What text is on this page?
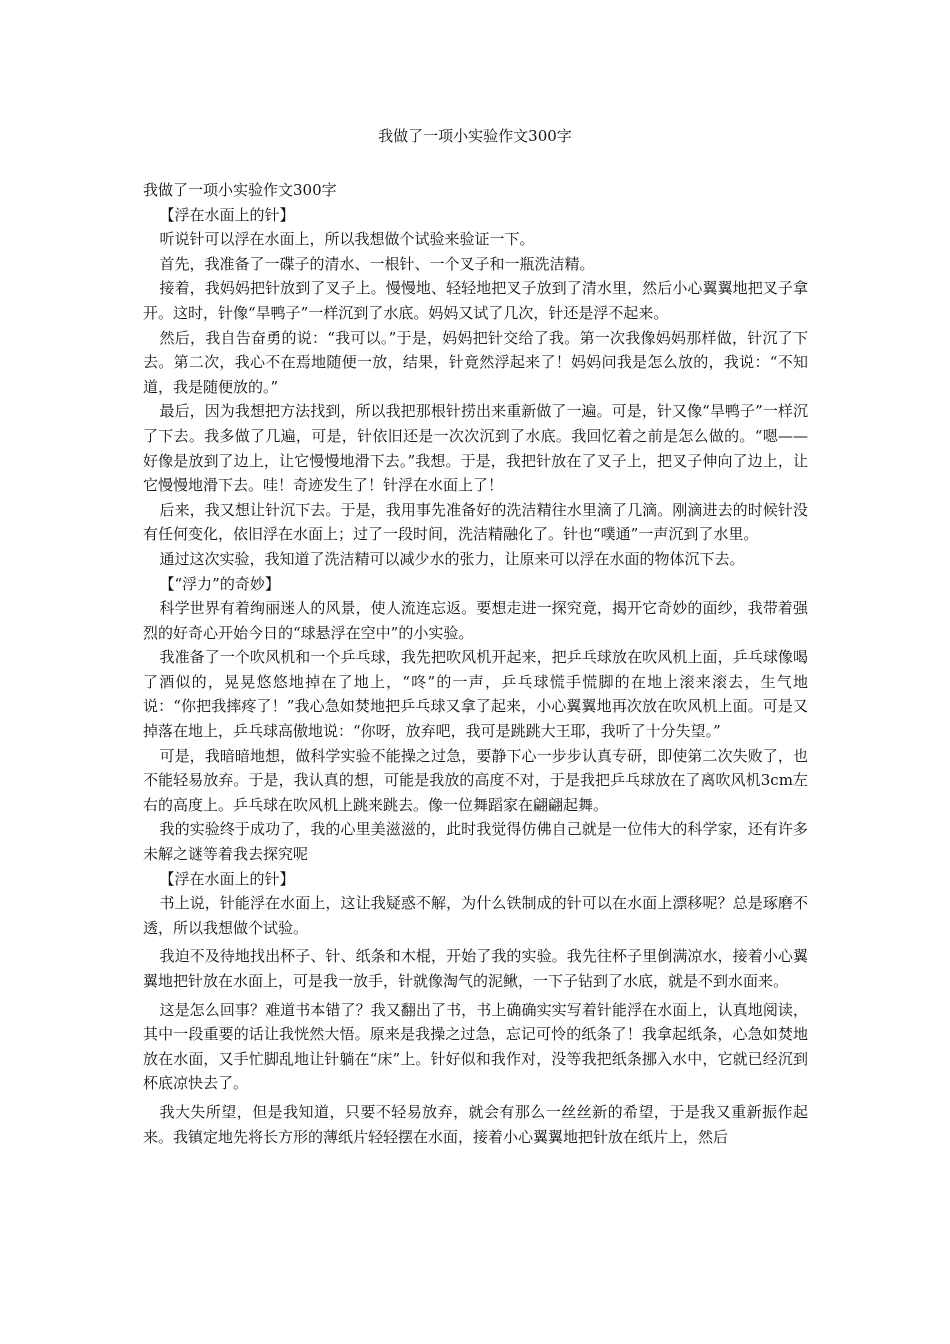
我做了一项小实验作文300字

我做了一项小实验作文300字

【浮在水面上的针】

听说针可以浮在水面上，所以我想做个试验来验证一下。

首先，我准备了一碟子的清水、一根针、一个叉子和一瓶洗洁精。

接着，我妈妈把针放到了叉子上。慢慢地、轻轻地把叉子放到了清水里，然后小心翼翼地把叉子拿开。这时，针像“旱鸭子”一样沉到了水底。妈妈又试了几次，针还是浮不起来。

然后，我自告奋勇的说：“我可以。”于是，妈妈把针交给了我。第一次我像妈妈那样做，针沉了下去。第二次，我心不在焉地随便一放，结果，针竟然浮起来了！妈妈问我是怎么放的，我说：“不知道，我是随便放的。”

最后，因为我想把方法找到，所以我把那根针捞出来重新做了一遍。可是，针又像“旱鸭子”一样沉了下去。我多做了几遍，可是，针依旧还是一次次沉到了水底。我回忆着之前是怎么做的。“嗯——好像是放到了边上，让它慢慢地滑下去。”我想。于是，我把针放在了叉子上，把叉子伸向了边上，让它慢慢地滑下去。哇！奇迹发生了！针浮在水面上了！

后来，我又想让针沉下去。于是，我用事先准备好的洗洁精往水里滴了几滴。刚滴进去的时候针没有任何变化，依旧浮在水面上；过了一段时间，洗洁精融化了。针也“噗通”一声沉到了水里。

通过这次实验，我知道了洗洁精可以减少水的张力，让原来可以浮在水面的物体沉下去。

【“浮力”的奇妙】

科学世界有着绚丽迷人的风景，使人流连忘返。要想走进一探究竟，揭开它奇妙的面纱，我带着强烈的好奇心开始今日的“球悬浮在空中”的小实验。

我准备了一个吹风机和一个乒乓球，我先把吹风机开起来，把乒乓球放在吹风机上面，乒乓球像喝了酒似的，晃晃悠悠地掉在了地上，“咚”的一声，乒乓球慌手慌脚的在地上滚来滚去，生气地说：“你把我摔疼了！”我心急如焚地把乒乓球又拿了起来，小心翼翼地再次放在吹风机上面。可是又掉落在地上，乒乓球高傲地说：“你呀，放弃吧，我可是跳跳大王耶，我听了十分失望。”

可是，我暗暗地想，做科学实验不能操之过急，要静下心一步步认真专研，即使第二次失败了，也不能轻易放弃。于是，我认真的想，可能是我放的高度不对，于是我把乒乓球放在了离吹风机3cm左右的高度上。乒乓球在吹风机上跳来跳去。像一位舞蹈家在翩翩起舞。

我的实验终于成功了，我的心里美滋滋的，此时我觉得仿佛自己就是一位伟大的科学家，还有许多未解之谜等着我去探究呢

【浮在水面上的针】

书上说，针能浮在水面上，这让我疑惑不解，为什么铁制成的针可以在水面上漂移呢？总是琢磨不透，所以我想做个试验。

我迫不及待地找出杯子、针、纸条和木棍，开始了我的实验。我先往杯子里倒满凉水，接着小心翼翼地把针放在水面上，可是我一放手，针就像淘气的泥鳅，一下子钻到了水底，就是不到水面来。

这是怎么回事？难道书本错了？我又翻出了书，书上确确实实写着针能浮在水面上，认真地阅读，其中一段重要的话让我恍然大悟。原来是我操之过急，忘记可怜的纸条了！我拿起纸条，心急如焚地放在水面，又手忙脚乱地让针躺在“床”上。针好似和我作对，没等我把纸条挪入水中，它就已经沉到杯底凉快去了。

我大失所望，但是我知道，只要不轻易放弃，就会有那么一丝丝新的希望，于是我又重新振作起来。我镇定地先将长方形的薄纸片轻轻摆在水面，接着小心翼翼地把针放在纸片上，然后
